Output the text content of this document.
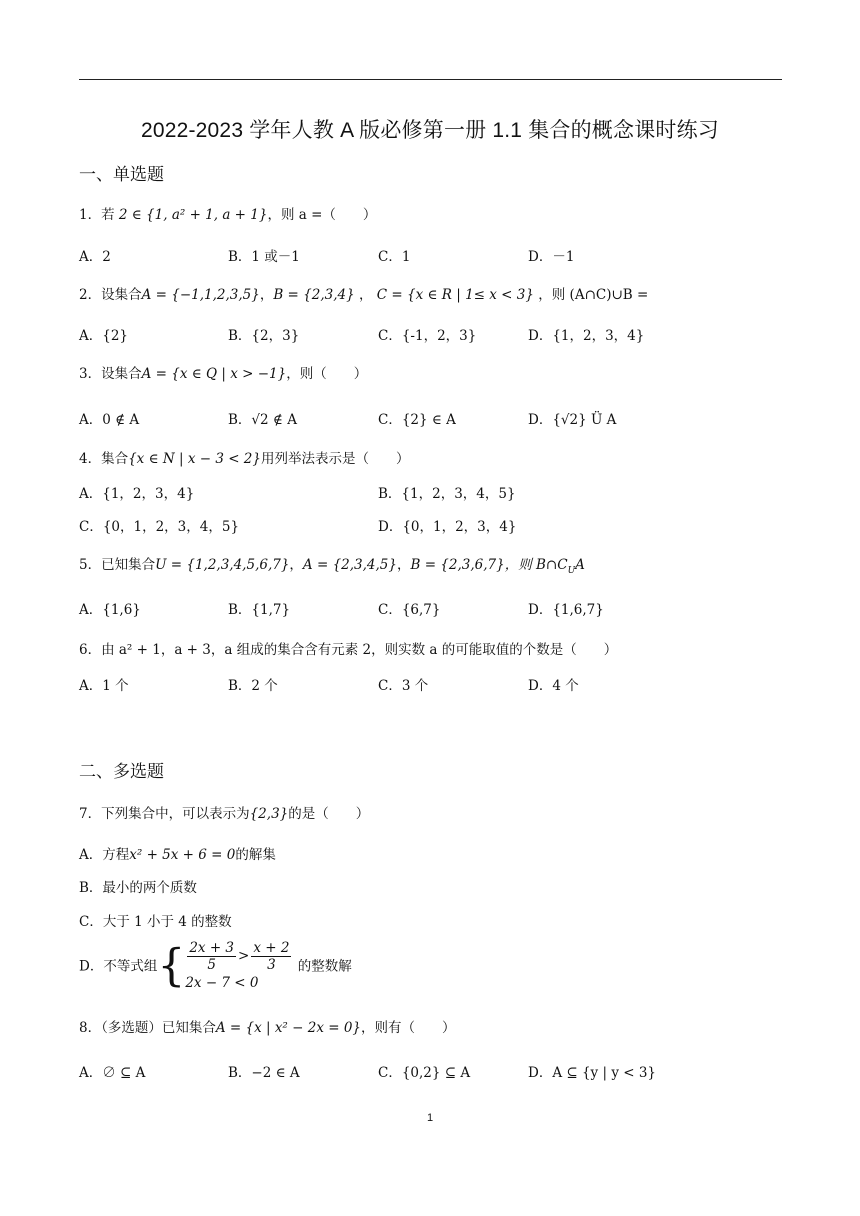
2022-2023 学年人教 A 版必修第一册 1.1 集合的概念课时练习
一、单选题
1．若 2 ∈ {1, a² + 1, a + 1}，则 a =（　　）
A．2	B．1 或－1	C．1	D．－1
2．设集合A = {−1,1,2,3,5}，B = {2,3,4} ， C = {x ∈ R | 1≤ x < 3} ，则 (A∩C)∪B =
A．{2}	B．{2，3}	C．{-1，2，3}	D．{1，2，3，4}
3．设集合A = {x ∈ Q | x > −1}，则（　　）
A．0 ∉ A	B．√2 ∉ A	C．{2} ∈ A	D．{√2} Ü A
4．集合{x ∈ N | x − 3 < 2}用列举法表示是（　　）
A．{1，2，3，4}	B．{1，2，3，4，5}
C．{0，1，2，3，4，5}	D．{0，1，2，3，4}
5．已知集合U = {1,2,3,4,5,6,7}，A = {2,3,4,5}，B = {2,3,6,7}，则 $B\cap C_UA$
A．{1,6}	B．{1,7}	C．{6,7}	D．{1,6,7}
6．由 a² + 1，a + 3，a 组成的集合含有元素 2，则实数 a 的可能取值的个数是（　　）
A．1 个	B．2 个	C．3 个	D．4 个
二、多选题
7．下列集合中，可以表示为{2,3}的是（　　）
A．方程x² + 5x + 6 = 0的解集
B．最小的两个质数
C．大于 1 小于 4 的整数
D．不等式组{ $\frac{2x + 3}{5} > \frac{x + 2}{3}$
2x − 7 < 0
的整数解
8．（多选题）已知集合A = {x | x² − 2x = 0}，则有（　　）
A．∅ ⊆ A	B．−2 ∈ A	C．{0,2} ⊆ A	D．A ⊆ {y | y < 3}
1
